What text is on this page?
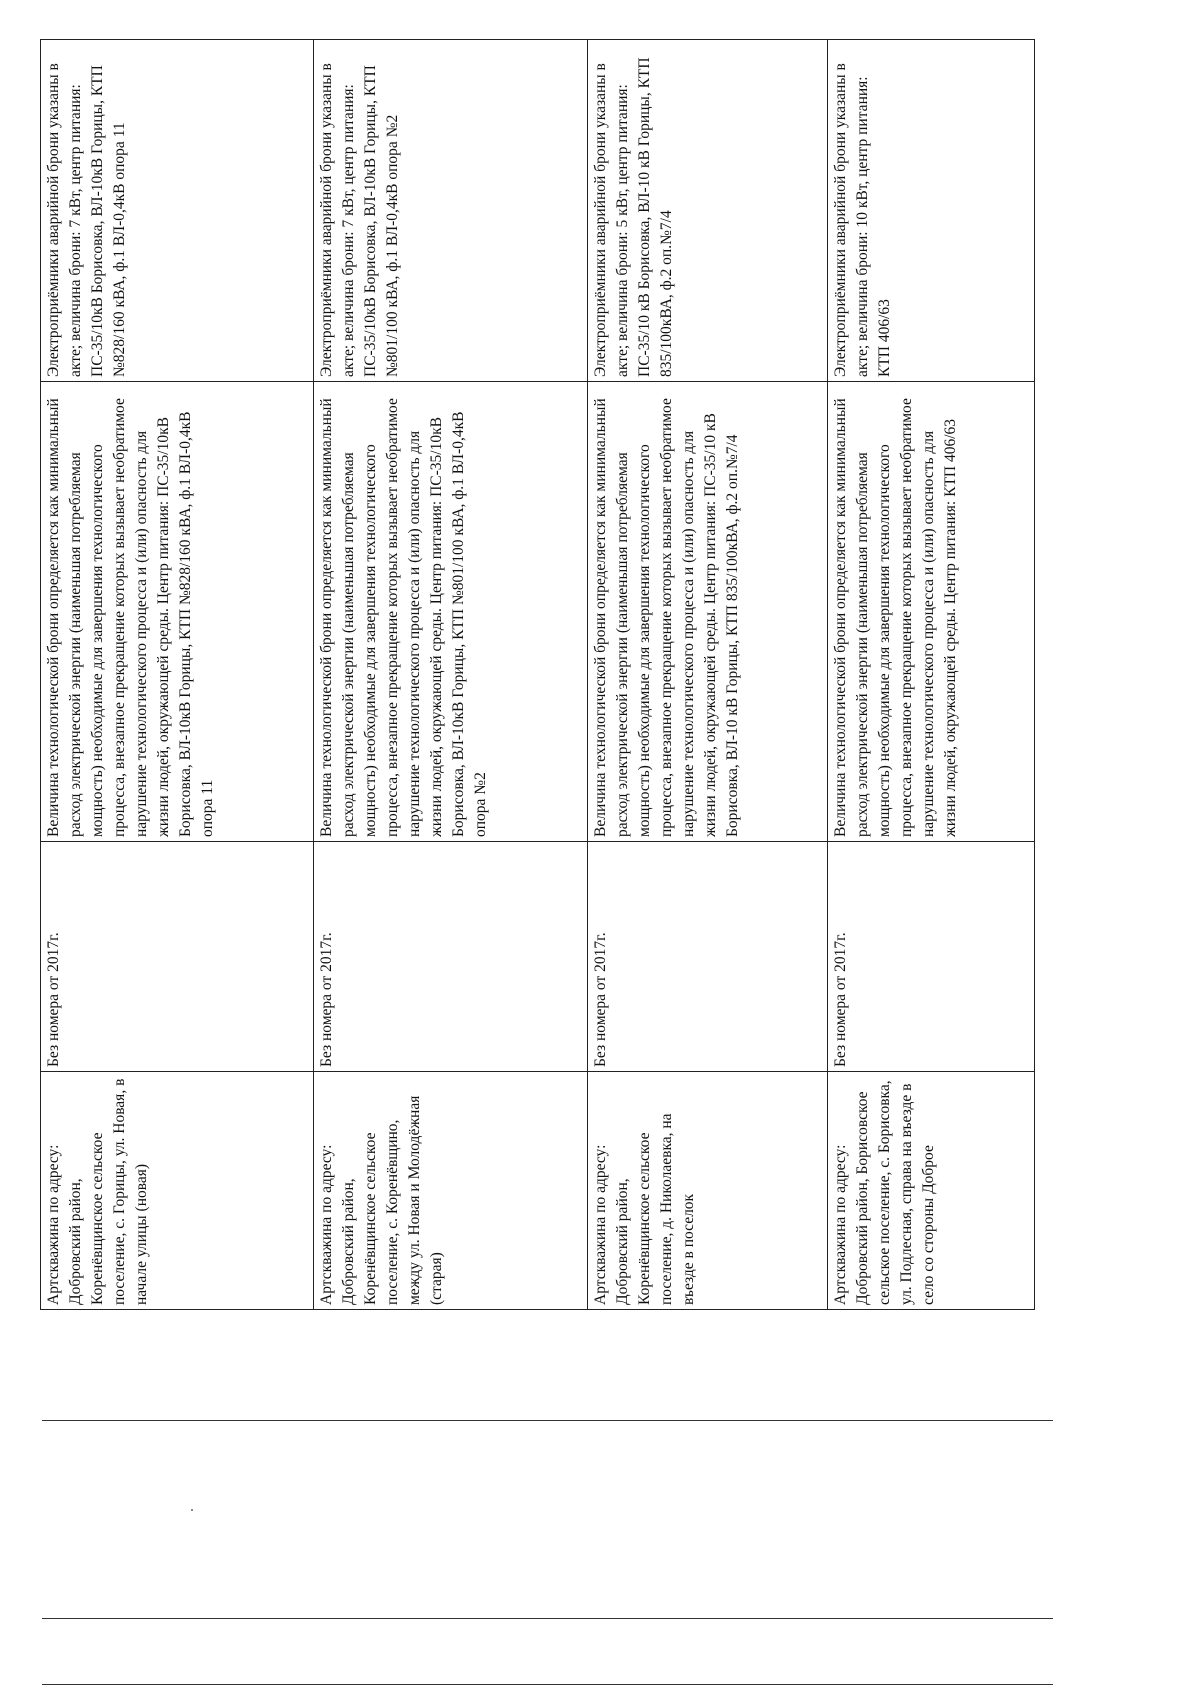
Артскважина по адресу: Добровский район, Коренёвщинское сельское поселение, с. Горицы, ул. Новая, в начале улицы (новая)	Без номера от 2017г.	Величина технологической брони определяется как минимальный расход электрической энергии (наименьшая потребляемая мощность) необходимые для завершения технологического процесса, внезапное прекращение которых вызывает необратимое нарушение технологического процесса и (или) опасность для жизни людей, окружающей среды. Центр питания: ПС-35/10кВ Борисовка, ВЛ-10кВ Горицы, КТП №828/160 кВА, ф.1 ВЛ-0,4кВ опора 11	Электроприёмники аварийной брони указаны в акте; величина брони: 7 кВт, центр питания: ПС-35/10кВ Борисовка, ВЛ-10кВ Горицы, КТП №828/160 кВА, ф.1 ВЛ-0,4кВ опора 11
Артскважина по адресу: Добровский район, Коренёвщинское сельское поселение, с. Коренёвщино, между ул. Новая и Молодёжная (старая)	Без номера от 2017г.	Величина технологической брони определяется как минимальный расход электрической энергии (наименьшая потребляемая мощность) необходимые для завершения технологического процесса, внезапное прекращение которых вызывает необратимое нарушение технологического процесса и (или) опасность для жизни людей, окружающей среды. Центр питания: ПС-35/10кВ Борисовка, ВЛ-10кВ Горицы, КТП №801/100 кВА, ф.1 ВЛ-0,4кВ опора №2	Электроприёмники аварийной брони указаны в акте; величина брони: 7 кВт, центр питания: ПС-35/10кВ Борисовка, ВЛ-10кВ Горицы, КТП №801/100 кВА, ф.1 ВЛ-0,4кВ опора №2
Артскважина по адресу: Добровский район, Коренёвщинское сельское поселение, д. Николаевка, на въезде в поселок	Без номера от 2017г.	Величина технологической брони определяется как минимальный расход электрической энергии (наименьшая потребляемая мощность) необходимые для завершения технологического процесса, внезапное прекращение которых вызывает необратимое нарушение технологического процесса и (или) опасность для жизни людей, окружающей среды. Центр питания: ПС-35/10 кВ Борисовка, ВЛ-10 кВ Горицы, КТП 835/100кВА, ф.2 оп.№7/4	Электроприёмники аварийной брони указаны в акте; величина брони: 5 кВт, центр питания: ПС-35/10 кВ Борисовка, ВЛ-10 кВ Горицы, КТП 835/100кВА, ф.2 оп.№7/4
Артскважина по адресу: Добровский район, Борисовское сельское поселение, с. Борисовка, ул. Подлесная, справа на въезде в село со стороны Доброе	Без номера от 2017г.	Величина технологической брони определяется как минимальный расход электрической энергии (наименьшая потребляемая мощность) необходимые для завершения технологического процесса, внезапное прекращение которых вызывает необратимое нарушение технологического процесса и (или) опасность для жизни людей, окружающей среды. Центр питания: КТП 406/63	Электроприёмники аварийной брони указаны в акте; величина брони: 10 кВт, центр питания: КТП 406/63
